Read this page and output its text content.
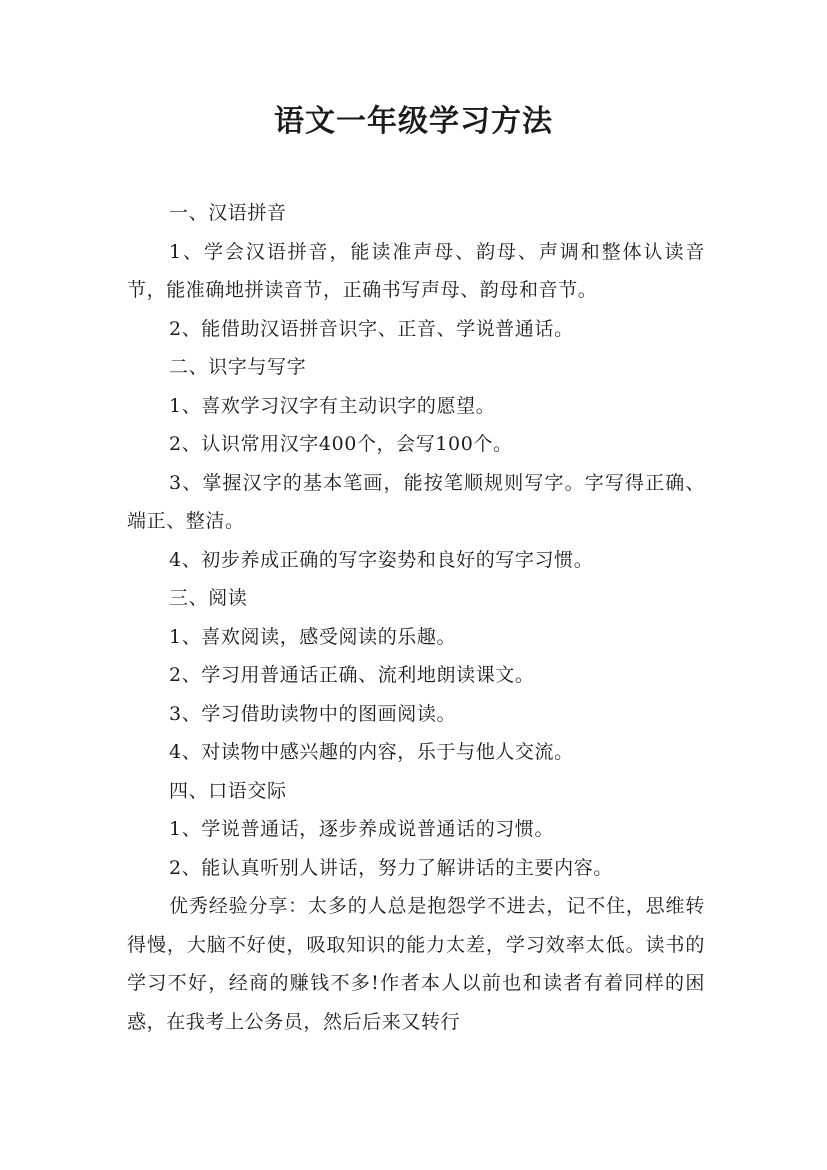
语文一年级学习方法

一、汉语拼音

1、学会汉语拼音，能读准声母、韵母、声调和整体认读音节，能准确地拼读音节，正确书写声母、韵母和音节。

2、能借助汉语拼音识字、正音、学说普通话。

二、识字与写字

1、喜欢学习汉字有主动识字的愿望。

2、认识常用汉字400个，会写100个。

3、掌握汉字的基本笔画，能按笔顺规则写字。字写得正确、端正、整洁。

4、初步养成正确的写字姿势和良好的写字习惯。

三、阅读

1、喜欢阅读，感受阅读的乐趣。

2、学习用普通话正确、流利地朗读课文。

3、学习借助读物中的图画阅读。

4、对读物中感兴趣的内容，乐于与他人交流。

四、口语交际

1、学说普通话，逐步养成说普通话的习惯。

2、能认真听别人讲话，努力了解讲话的主要内容。

优秀经验分享：太多的人总是抱怨学不进去，记不住，思维转得慢，大脑不好使，吸取知识的能力太差，学习效率太低。读书的学习不好，经商的赚钱不多!作者本人以前也和读者有着同样的困惑，在我考上公务员，然后后来又转行
